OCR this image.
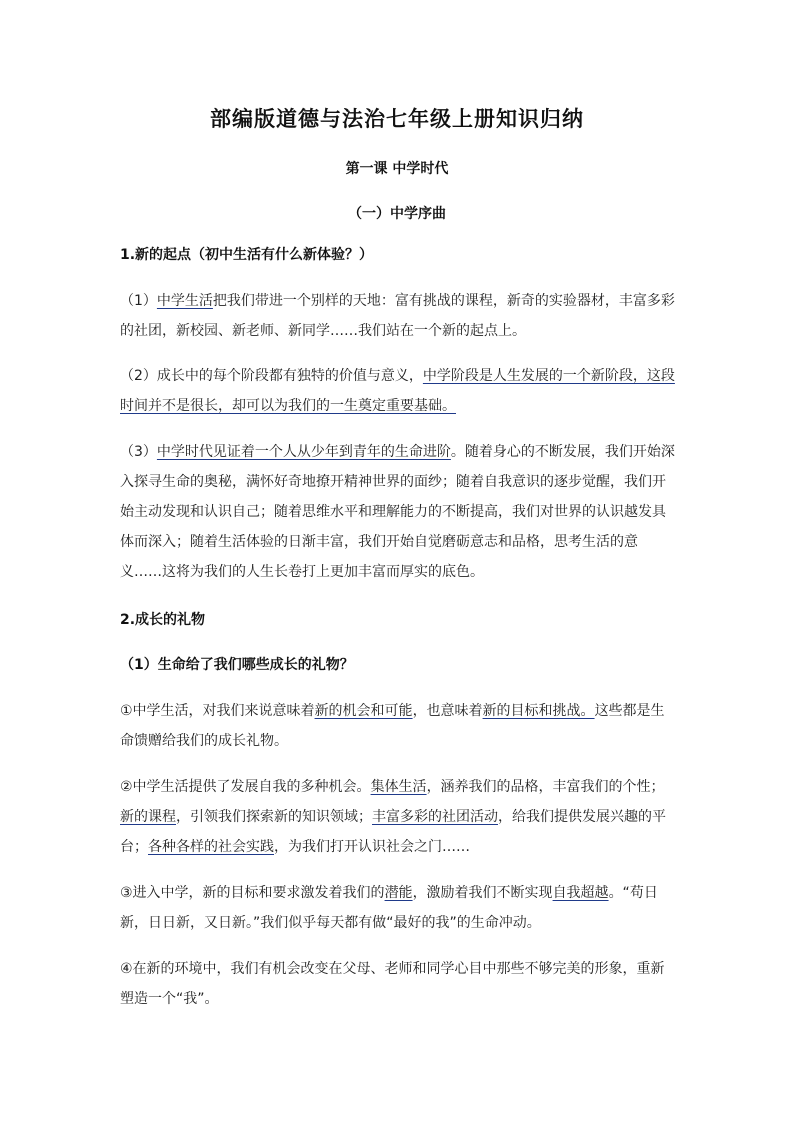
部编版道德与法治七年级上册知识归纳
第一课 中学时代
（一）中学序曲

1.新的起点（初中生活有什么新体验？）

（1）中学生活把我们带进一个别样的天地：富有挑战的课程，新奇的实验器材，丰富多彩的社团，新校园、新老师、新同学……我们站在一个新的起点上。

（2）成长中的每个阶段都有独特的价值与意义，中学阶段是人生发展的一个新阶段，这段时间并不是很长，却可以为我们的一生奠定重要基础。

（3）中学时代见证着一个人从少年到青年的生命进阶。随着身心的不断发展，我们开始深入探寻生命的奥秘，满怀好奇地撩开精神世界的面纱；随着自我意识的逐步觉醒，我们开始主动发现和认识自己；随着思维水平和理解能力的不断提高，我们对世界的认识越发具体而深入；随着生活体验的日渐丰富，我们开始自觉磨砺意志和品格，思考生活的意义……这将为我们的人生长卷打上更加丰富而厚实的底色。

2.成长的礼物

（1）生命给了我们哪些成长的礼物？

①中学生活，对我们来说意味着新的机会和可能，也意味着新的目标和挑战。这些都是生命馈赠给我们的成长礼物。

②中学生活提供了发展自我的多种机会。集体生活，涵养我们的品格，丰富我们的个性；新的课程，引领我们探索新的知识领域；丰富多彩的社团活动，给我们提供发展兴趣的平台；各种各样的社会实践，为我们打开认识社会之门……

③进入中学，新的目标和要求激发着我们的潜能，激励着我们不断实现自我超越。“苟日新，日日新，又日新。”我们似乎每天都有做“最好的我”的生命冲动。

④在新的环境中，我们有机会改变在父母、老师和同学心目中那些不够完美的形象，重新塑造一个“我”。
